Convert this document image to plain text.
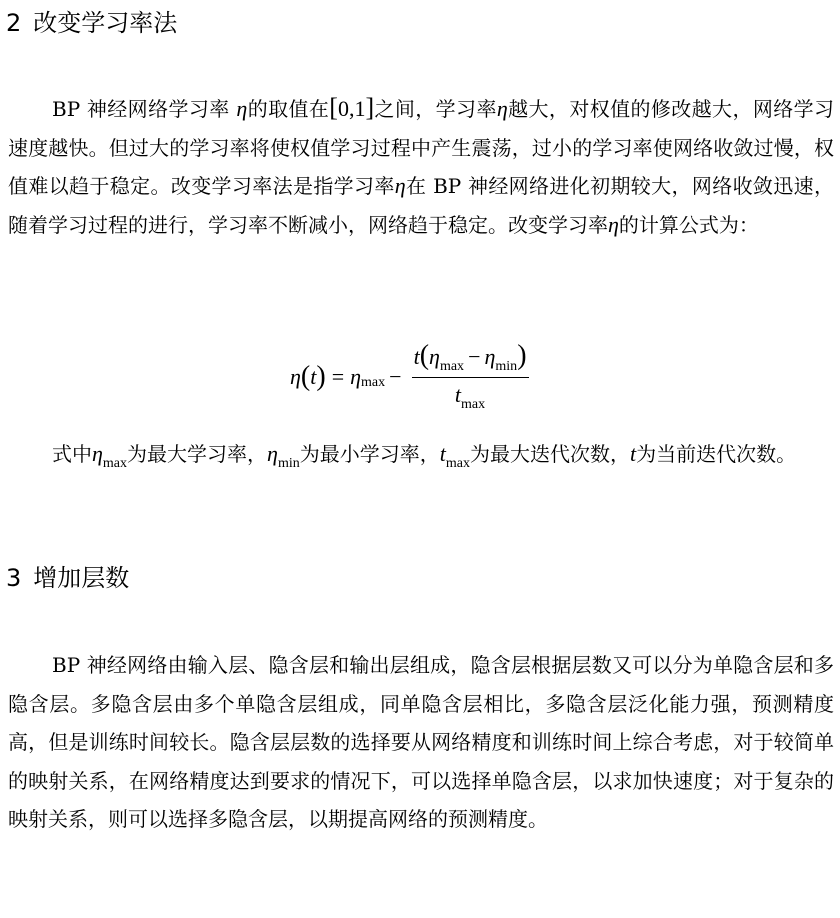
2 改变学习率法

BP 神经网络学习率 η的取值在[0,1]之间，学习率η越大，对权值的修改越大，网络学习速度越快。但过大的学习率将使权值学习过程中产生震荡，过小的学习率使网络收敛过慢，权值难以趋于稳定。改变学习率法是指学习率η在 BP 神经网络进化初期较大，网络收敛迅速，随着学习过程的进行，学习率不断减小，网络趋于稳定。改变学习率η的计算公式为：

η ( t ) = η $\max - \frac{t(\eta_{max} - \eta_{min})}{t_{max}}$

式中$\eta_{max}$为最大学习率，$\eta_{min}$为最小学习率，$t_{max}$为最大迭代次数，t为当前迭代次数。

3 增加层数

BP 神经网络由输入层、隐含层和输出层组成，隐含层根据层数又可以分为单隐含层和多隐含层。多隐含层由多个单隐含层组成，同单隐含层相比，多隐含层泛化能力强，预测精度高，但是训练时间较长。隐含层层数的选择要从网络精度和训练时间上综合考虑，对于较简单的映射关系，在网络精度达到要求的情况下，可以选择单隐含层，以求加快速度；对于复杂的映射关系，则可以选择多隐含层，以期提高网络的预测精度。
